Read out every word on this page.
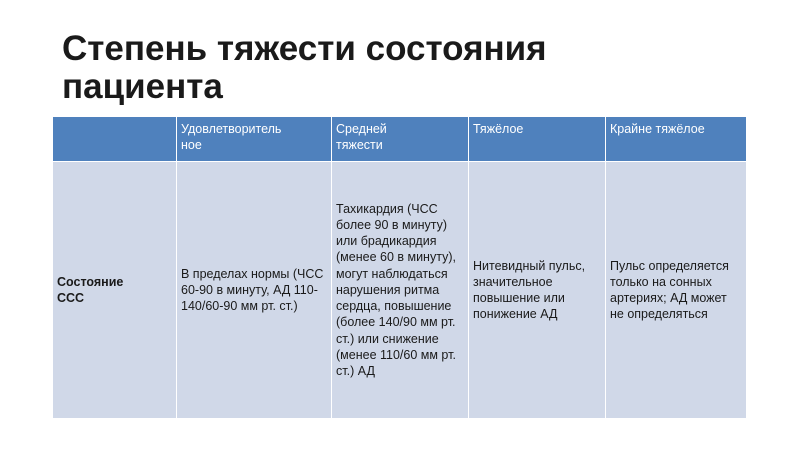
Степень тяжести состояния
пациента

	Удовлетворитель
ное	Средней тяжести	Тяжёлое	Крайне тяжёлое

Состояние ССС	В пределах нормы (ЧСС 60-90 в минуту, АД 110-140/60-90 мм рт. ст.)	Тахикардия (ЧСС более 90 в минуту) или брадикардия (менее 60 в минуту), могут наблюдаться нарушения ритма сердца, повышение (более 140/90 мм рт. ст.) или снижение (менее 110/60 мм рт. ст.) АД	Нитевидный пульс, значительное повышение или понижение АД	Пульс определяется только на сонных артериях; АД может не определяться
